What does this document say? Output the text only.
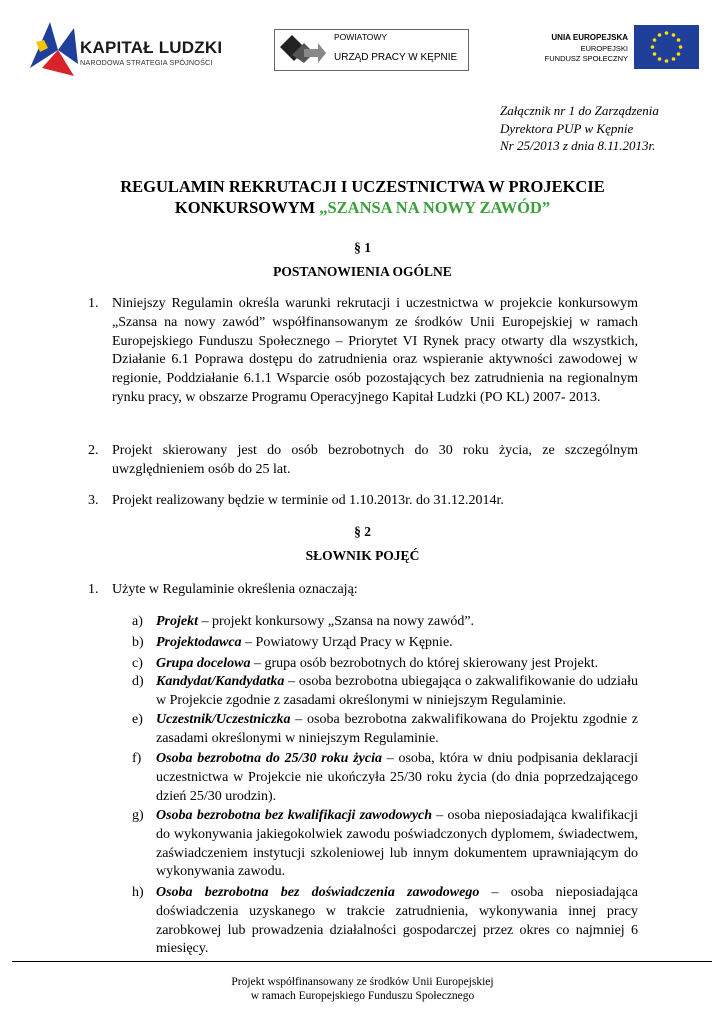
KAPITAŁ LUDZKI
NARODOWA STRATEGIA SPÓJNOŚCI
POWIATOWY
URZĄD PRACY W KĘPNIE
UNIA EUROPEJSKA
EUROPEJSKI
FUNDUSZ SPOŁECZNY
Załącznik nr 1 do Zarządzenia
Dyrektora PUP w Kępnie
Nr 25/2013 z dnia 8.11.2013r.
REGULAMIN REKRUTACJI I UCZESTNICTWA W PROJEKCIE
KONKURSOWYM „SZANSA NA NOWY ZAWÓD”
§ 1
POSTANOWIENIA OGÓLNE
1. Niniejszy Regulamin określa warunki rekrutacji i uczestnictwa w projekcie konkursowym „Szansa na nowy zawód” współfinansowanym ze środków Unii Europejskiej w ramach Europejskiego Funduszu Społecznego – Priorytet VI Rynek pracy otwarty dla wszystkich, Działanie 6.1 Poprawa dostępu do zatrudnienia oraz wspieranie aktywności zawodowej w regionie, Poddziałanie 6.1.1 Wsparcie osób pozostających bez zatrudnienia na regionalnym rynku pracy, w obszarze Programu Operacyjnego Kapitał Ludzki (PO KL) 2007- 2013.
2. Projekt skierowany jest do osób bezrobotnych do 30 roku życia, ze szczególnym uwzględnieniem osób do 25 lat.
3. Projekt realizowany będzie w terminie od 1.10.2013r. do 31.12.2014r.
§ 2
SŁOWNIK POJĘĆ
1. Użyte w Regulaminie określenia oznaczają:
a) Projekt – projekt konkursowy „Szansa na nowy zawód”.
b) Projektodawca – Powiatowy Urząd Pracy w Kępnie.
c) Grupa docelowa – grupa osób bezrobotnych do której skierowany jest Projekt.
d) Kandydat/Kandydatka – osoba bezrobotna ubiegająca o zakwalifikowanie do udziału w Projekcie zgodnie z zasadami określonymi w niniejszym Regulaminie.
e) Uczestnik/Uczestniczka – osoba bezrobotna zakwalifikowana do Projektu zgodnie z zasadami określonymi w niniejszym Regulaminie.
f) Osoba bezrobotna do 25/30 roku życia – osoba, która w dniu podpisania deklaracji uczestnictwa w Projekcie nie ukończyła 25/30 roku życia (do dnia poprzedzającego dzień 25/30 urodzin).
g) Osoba bezrobotna bez kwalifikacji zawodowych – osoba nieposiadająca kwalifikacji do wykonywania jakiegokolwiek zawodu poświadczonych dyplomem, świadectwem, zaświadczeniem instytucji szkoleniowej lub innym dokumentem uprawniającym do wykonywania zawodu.
h) Osoba bezrobotna bez doświadczenia zawodowego – osoba nieposiadająca doświadczenia uzyskanego w trakcie zatrudnienia, wykonywania innej pracy zarobkowej lub prowadzenia działalności gospodarczej przez okres co najmniej 6 miesięcy.
Projekt współfinansowany ze środków Unii Europejskiej
w ramach Europejskiego Funduszu Społecznego
